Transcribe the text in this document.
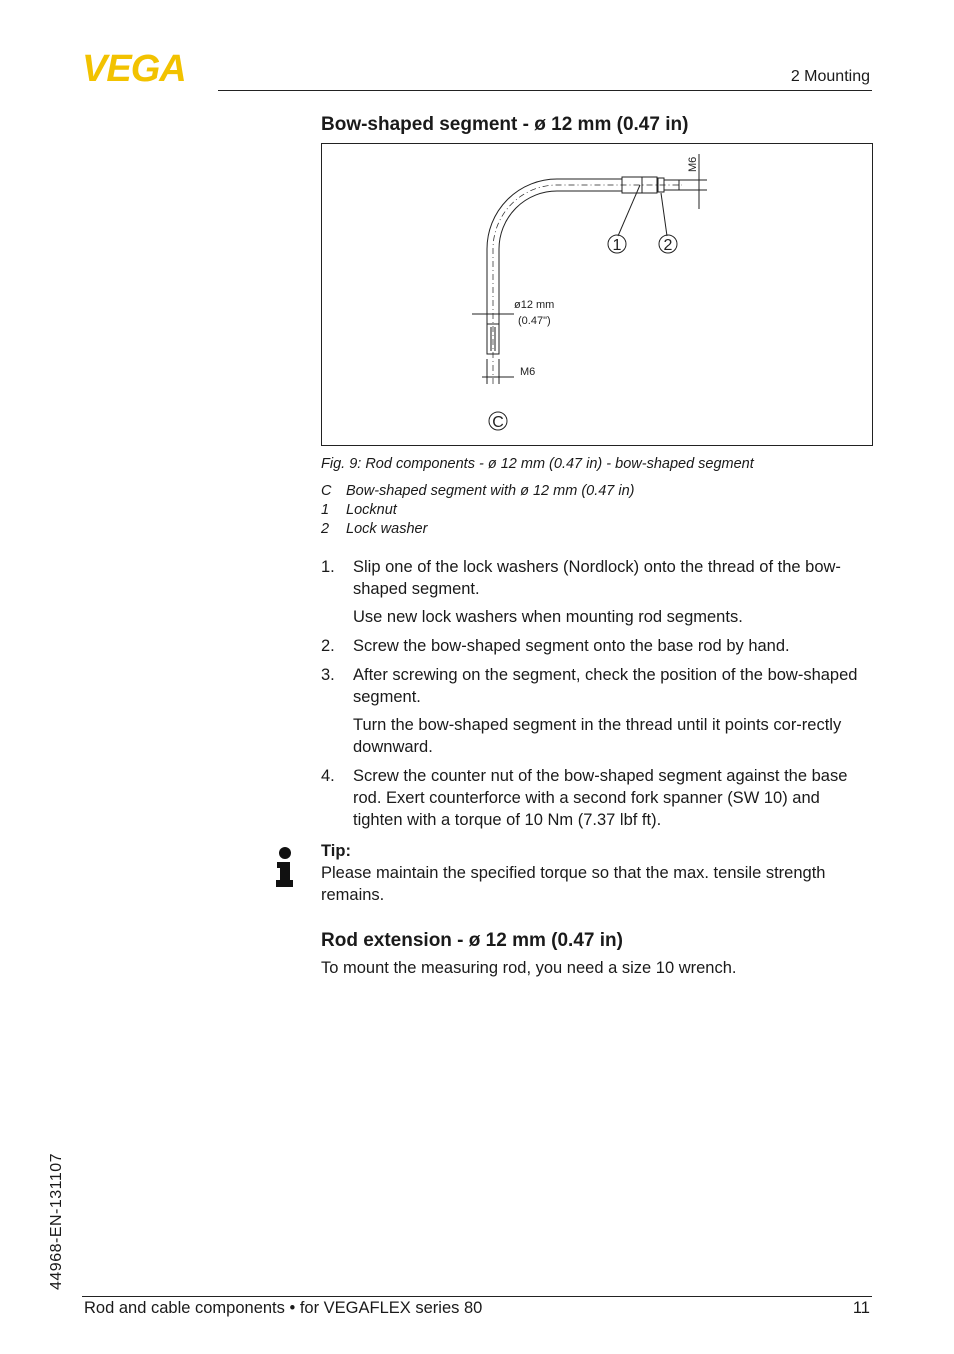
VEGA	2 Mounting
Bow-shaped segment - ø 12 mm (0.47 in)
M6
1	2
ø12 mm
(0.47")
M6
C
Fig. 9: Rod components - ø 12 mm (0.47 in) - bow-shaped segment
C	Bow-shaped segment with ø 12 mm (0.47 in)
1	Locknut
2	Lock washer
1.	Slip one of the lock washers (Nordlock) onto the thread of the bow-shaped segment.

Use new lock washers when mounting rod segments.

2.	Screw the bow-shaped segment onto the base rod by hand.

3.	After screwing on the segment, check the position of the bow-shaped segment.

Turn the bow-shaped segment in the thread until it points cor-rectly downward.

4.	Screw the counter nut of the bow-shaped segment against the base rod. Exert counterforce with a second fork spanner (SW 10) and tighten with a torque of 10 Nm (7.37 lbf ft).

Tip:
Please maintain the specified torque so that the max. tensile strength remains.
Rod extension - ø 12 mm (0.47 in)
To mount the measuring rod, you need a size 10 wrench.
44968-EN-131107
Rod and cable components • for VEGAFLEX series 80	11
